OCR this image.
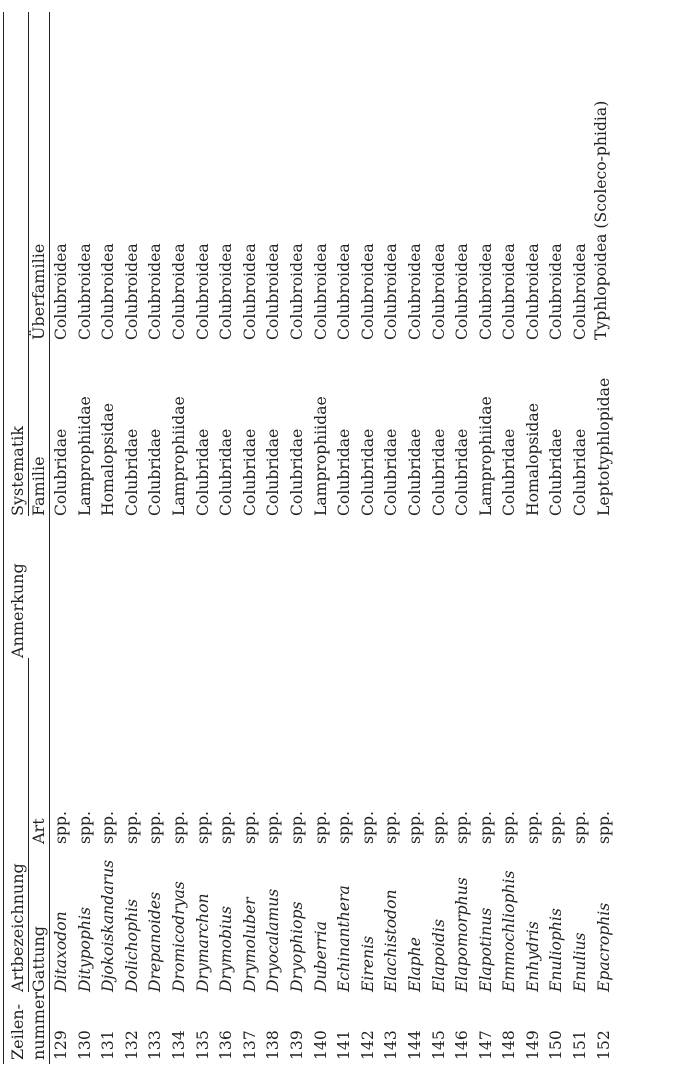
Zeilen-	Artbezeichnung		Anmerkung	Systematik	
nummer	Gattung	Art		Familie	Überfamilie
129	Ditaxodon	spp.		Colubridae	Colubroidea
130	Ditypophis	spp.		Lamprophiidae	Colubroidea
131	Djokoiskandarus	spp.		Homalopsidae	Colubroidea
132	Dolichophis	spp.		Colubridae	Colubroidea
133	Drepanoides	spp.		Colubridae	Colubroidea
134	Dromicodryas	spp.		Lamprophiidae	Colubroidea
135	Drymarchon	spp.		Colubridae	Colubroidea
136	Drymobius	spp.		Colubridae	Colubroidea
137	Drymoluber	spp.		Colubridae	Colubroidea
138	Dryocalamus	spp.		Colubridae	Colubroidea
139	Dryophiops	spp.		Colubridae	Colubroidea
140	Duberria	spp.		Lamprophiidae	Colubroidea
141	Echinanthera	spp.		Colubridae	Colubroidea
142	Eirenis	spp.		Colubridae	Colubroidea
143	Elachistodon	spp.		Colubridae	Colubroidea
144	Elaphe	spp.		Colubridae	Colubroidea
145	Elapoidis	spp.		Colubridae	Colubroidea
146	Elapomorphus	spp.		Colubridae	Colubroidea
147	Elapotinus	spp.		Lamprophiidae	Colubroidea
148	Emmochliophis	spp.		Colubridae	Colubroidea
149	Enhydris	spp.		Homalopsidae	Colubroidea
150	Enuliophis	spp.		Colubridae	Colubroidea
151	Enulius	spp.		Colubridae	Colubroidea
152	Epacrophis	spp.		Leptotyphlopidae	Typhlopoidea (Scoleco-phidia)
